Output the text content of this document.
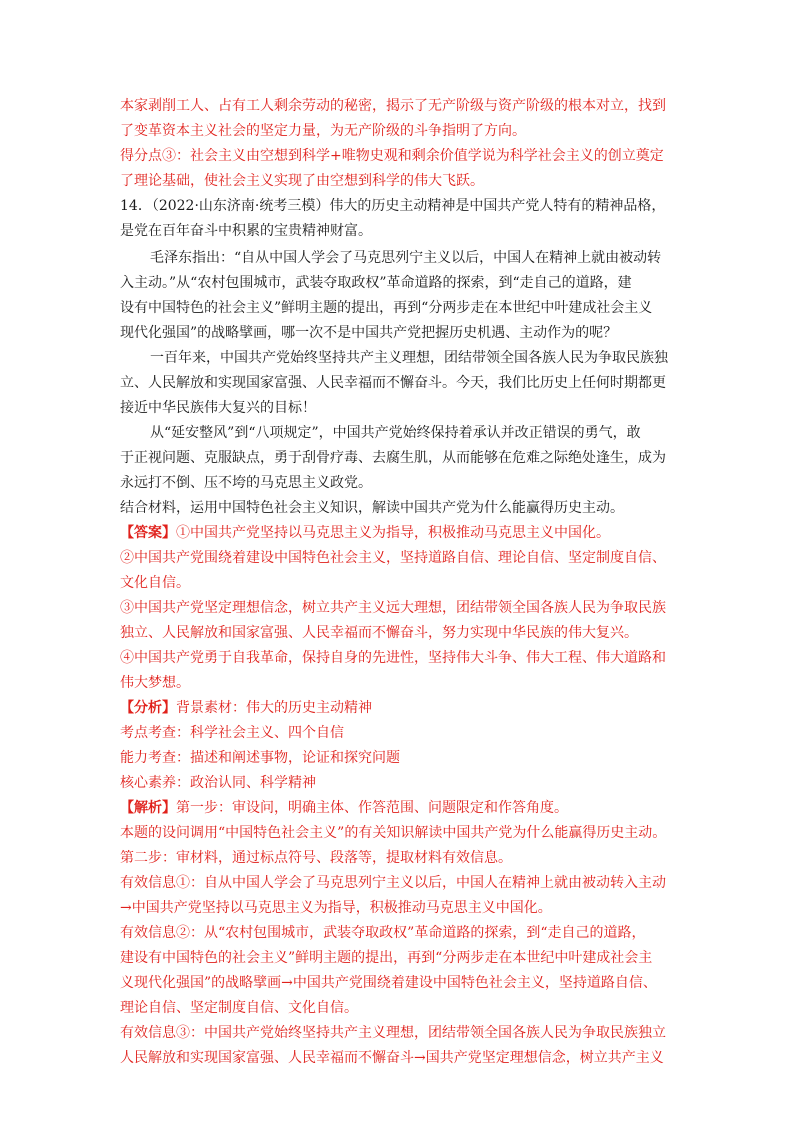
本家剥削工人、占有工人剩余劳动的秘密，揭示了无产阶级与资产阶级的根本对立，找到
了变革资本主义社会的坚定力量，为无产阶级的斗争指明了方向。
得分点③：社会主义由空想到科学+唯物史观和剩余价值学说为科学社会主义的创立奠定
了理论基础，使社会主义实现了由空想到科学的伟大飞跃。
14．（2022·山东济南·统考三模）伟大的历史主动精神是中国共产党人特有的精神品格，
是党在百年奋斗中积累的宝贵精神财富。
毛泽东指出：“自从中国人学会了马克思列宁主义以后，中国人在精神上就由被动转
入主动。”从“农村包围城市，武装夺取政权”革命道路的探索，到“走自己的道路，建
设有中国特色的社会主义”鲜明主题的提出，再到“分两步走在本世纪中叶建成社会主义
现代化强国”的战略擘画，哪一次不是中国共产党把握历史机遇、主动作为的呢？
一百年来，中国共产党始终坚持共产主义理想，团结带领全国各族人民为争取民族独
立、人民解放和实现国家富强、人民幸福而不懈奋斗。今天，我们比历史上任何时期都更
接近中华民族伟大复兴的目标！
从“延安整风”到“八项规定”，中国共产党始终保持着承认并改正错误的勇气，敢
于正视问题、克服缺点，勇于刮骨疗毒、去腐生肌，从而能够在危难之际绝处逢生，成为
永远打不倒、压不垮的马克思主义政党。
结合材料，运用中国特色社会主义知识，解读中国共产党为什么能赢得历史主动。
【答案】①中国共产党坚持以马克思主义为指导，积极推动马克思主义中国化。
②中国共产党围绕着建设中国特色社会主义，坚持道路自信、理论自信、坚定制度自信、
文化自信。
③中国共产党坚定理想信念，树立共产主义远大理想，团结带领全国各族人民为争取民族
独立、人民解放和国家富强、人民幸福而不懈奋斗，努力实现中华民族的伟大复兴。
④中国共产党勇于自我革命，保持自身的先进性，坚持伟大斗争、伟大工程、伟大道路和
伟大梦想。
【分析】背景素材：伟大的历史主动精神
考点考查：科学社会主义、四个自信
能力考查：描述和阐述事物，论证和探究问题
核心素养：政治认同、科学精神
【解析】第一步：审设问，明确主体、作答范围、问题限定和作答角度。
本题的设问调用“中国特色社会主义”的有关知识解读中国共产党为什么能赢得历史主动。
第二步：审材料，通过标点符号、段落等，提取材料有效信息。
有效信息①：自从中国人学会了马克思列宁主义以后，中国人在精神上就由被动转入主动
→中国共产党坚持以马克思主义为指导，积极推动马克思主义中国化。
有效信息②：从“农村包围城市，武装夺取政权”革命道路的探索，到“走自己的道路，
建设有中国特色的社会主义”鲜明主题的提出，再到“分两步走在本世纪中叶建成社会主
义现代化强国”的战略擘画→中国共产党围绕着建设中国特色社会主义，坚持道路自信、
理论自信、坚定制度自信、文化自信。
有效信息③：中国共产党始终坚持共产主义理想，团结带领全国各族人民为争取民族独立
人民解放和实现国家富强、人民幸福而不懈奋斗→国共产党坚定理想信念，树立共产主义
